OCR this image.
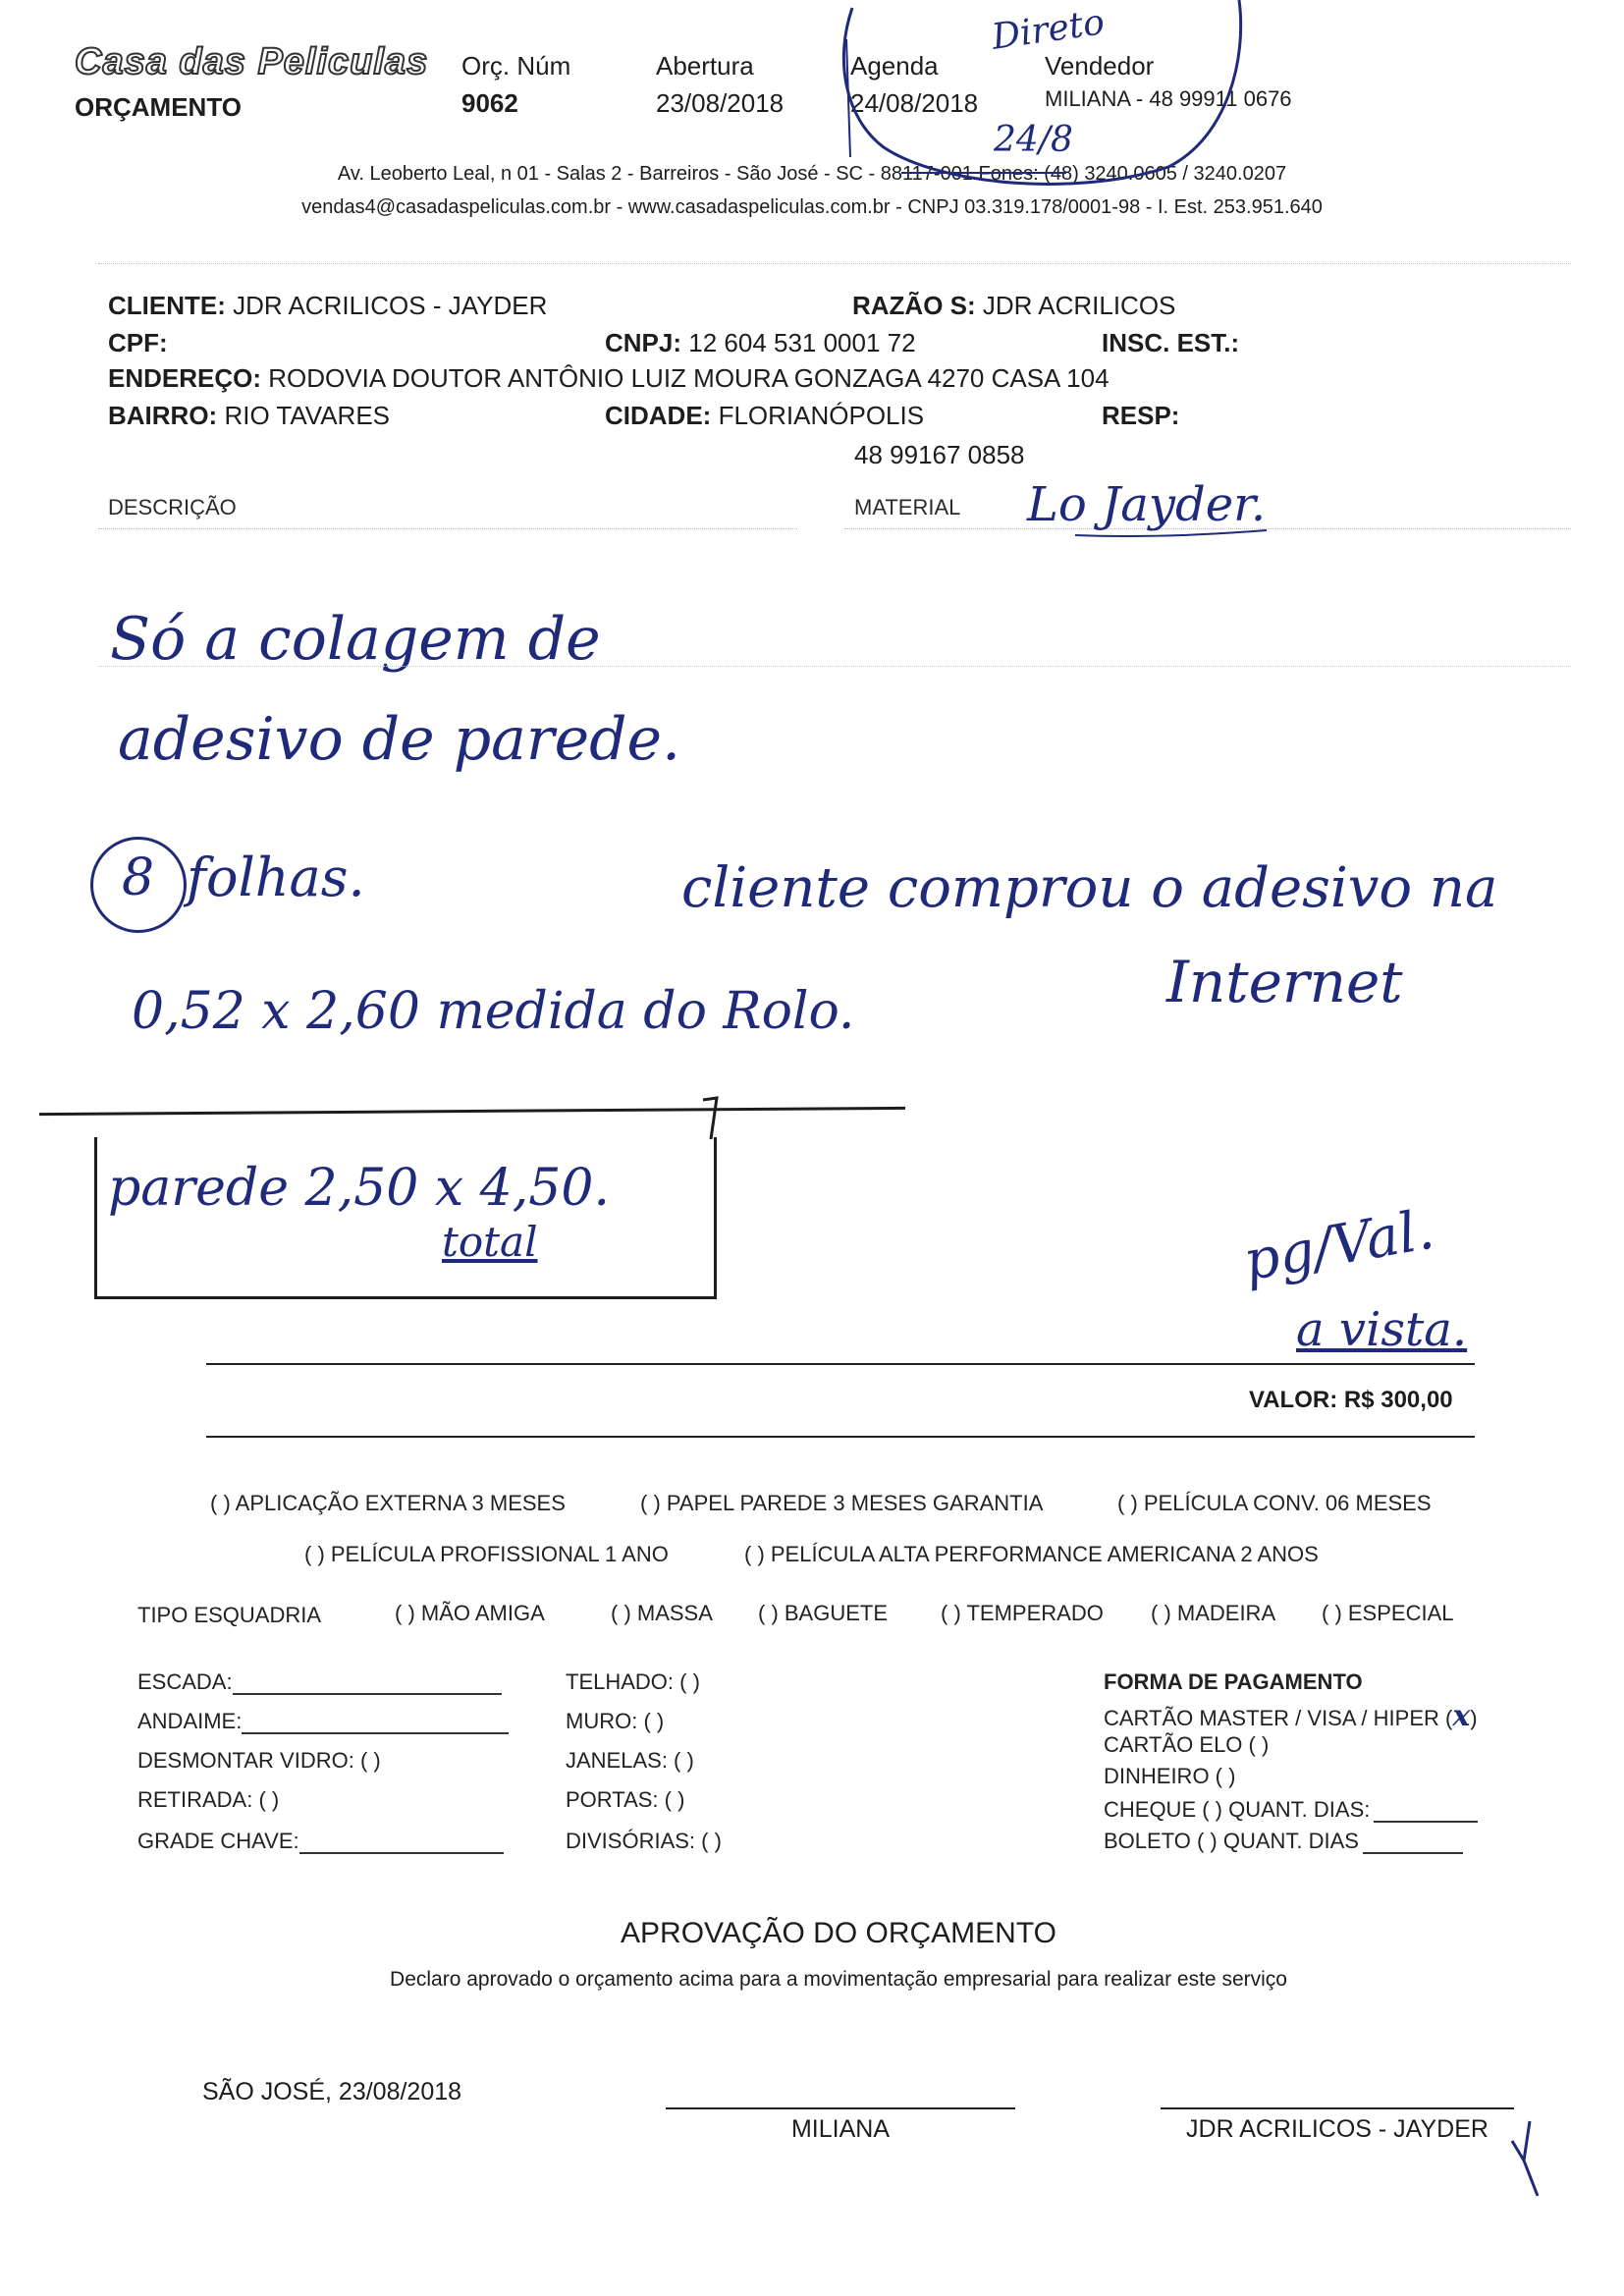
Casa das Peliculas
ORÇAMENTO
Orç. Núm
9062
Abertura
23/08/2018
Agenda
24/08/2018
Vendedor
MILIANA - 48 99911 0676
Av. Leoberto Leal, n 01 - Salas 2 - Barreiros - São José - SC - 88117-001 Fones: (48) 3240.0605 / 3240.0207
vendas4@casadaspeliculas.com.br - www.casadaspeliculas.com.br - CNPJ 03.319.178/0001-98 - I. Est. 253.951.640
Direto
24/8
CLIENTE: JDR ACRILICOS - JAYDER	RAZÃO S: JDR ACRILICOS
CPF:	CNPJ: 12 604 531 0001 72	INSC. EST.:
ENDEREÇO: RODOVIA DOUTOR ANTÔNIO LUIZ MOURA GONZAGA 4270 CASA 104
BAIRRO: RIO TAVARES	CIDADE: FLORIANÓPOLIS	RESP:
48 99167 0858
DESCRIÇÃO	MATERIAL Lo Jayder.
Só a colagem de
adesivo de parede.
8 folhas.	cliente comprou o adesivo na
Internet
0,52 x 2,60 medida do Rolo.
parede 2,50 x 4,50.
total	pg/Val.
a vista.
VALOR: R$ 300,00
( ) APLICAÇÃO EXTERNA 3 MESES	( ) PAPEL PAREDE 3 MESES GARANTIA	( ) PELÍCULA CONV. 06 MESES
( ) PELÍCULA PROFISSIONAL 1 ANO	( ) PELÍCULA ALTA PERFORMANCE AMERICANA 2 ANOS
TIPO ESQUADRIA	( ) MÃO AMIGA	( ) MASSA ( ) BAGUETE ( ) TEMPERADO ( ) MADEIRA ( ) ESPECIAL
ESCADA:
ANDAIME:
DESMONTAR VIDRO: ( )
RETIRADA: ( )
GRADE CHAVE:
TELHADO: ( )
MURO: ( )
JANELAS: ( )
PORTAS: ( )
DIVISÓRIAS: ( )
FORMA DE PAGAMENTO
CARTÃO MASTER / VISA / HIPER (x)
CARTÃO ELO ( )
DINHEIRO ( )
CHEQUE ( ) QUANT. DIAS:
BOLETO ( ) QUANT. DIAS
APROVAÇÃO DO ORÇAMENTO
Declaro aprovado o orçamento acima para a movimentação empresarial para realizar este serviço
SÃO JOSÉ, 23/08/2018
MILIANA	JDR ACRILICOS - JAYDER
